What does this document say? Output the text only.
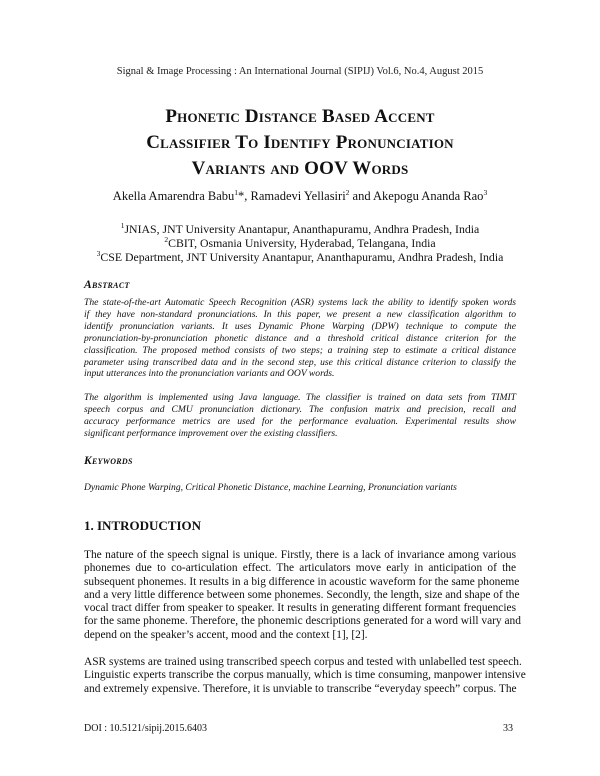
Signal & Image Processing : An International Journal (SIPIJ) Vol.6, No.4, August 2015
Phonetic Distance Based Accent
Classifier To Identify Pronunciation
Variants and OOV Words
Akella Amarendra Babu$^1$*, Ramadevi Yellasiri$^2$ and Akepogu Ananda Rao$^3$
$^1$JNIAS, JNT University Anantapur, Ananthapuramu, Andhra Pradesh, India
$^2$CBIT, Osmania University, Hyderabad, Telangana, India
$^3$CSE Department, JNT University Anantapur, Ananthapuramu, Andhra Pradesh, India
Abstract
The state-of-the-art Automatic Speech Recognition (ASR) systems lack the ability to identify spoken words
if they have non-standard pronunciations. In this paper, we present a new classification algorithm to
identify pronunciation variants. It uses Dynamic Phone Warping (DPW) technique to compute the
pronunciation-by-pronunciation phonetic distance and a threshold critical distance criterion for the
classification. The proposed method consists of two steps; a training step to estimate a critical distance
parameter using transcribed data and in the second step, use this critical distance criterion to classify the
input utterances into the pronunciation variants and OOV words.
The algorithm is implemented using Java language. The classifier is trained on data sets from TIMIT
speech corpus and CMU pronunciation dictionary. The confusion matrix and precision, recall and
accuracy performance metrics are used for the performance evaluation. Experimental results show
significant performance improvement over the existing classifiers.
Keywords
Dynamic Phone Warping, Critical Phonetic Distance, machine Learning, Pronunciation variants
1. INTRODUCTION
The nature of the speech signal is unique. Firstly, there is a lack of invariance among various
phonemes due to co-articulation effect. The articulators move early in anticipation of the
subsequent phonemes. It results in a big difference in acoustic waveform for the same phoneme
and a very little difference between some phonemes. Secondly, the length, size and shape of the
vocal tract differ from speaker to speaker. It results in generating different formant frequencies
for the same phoneme. Therefore, the phonemic descriptions generated for a word will vary and
depend on the speaker’s accent, mood and the context [1], [2].
ASR systems are trained using transcribed speech corpus and tested with unlabelled test speech.
Linguistic experts transcribe the corpus manually, which is time consuming, manpower intensive
and extremely expensive. Therefore, it is unviable to transcribe “everyday speech” corpus. The
DOI : 10.5121/sipij.2015.6403	33
